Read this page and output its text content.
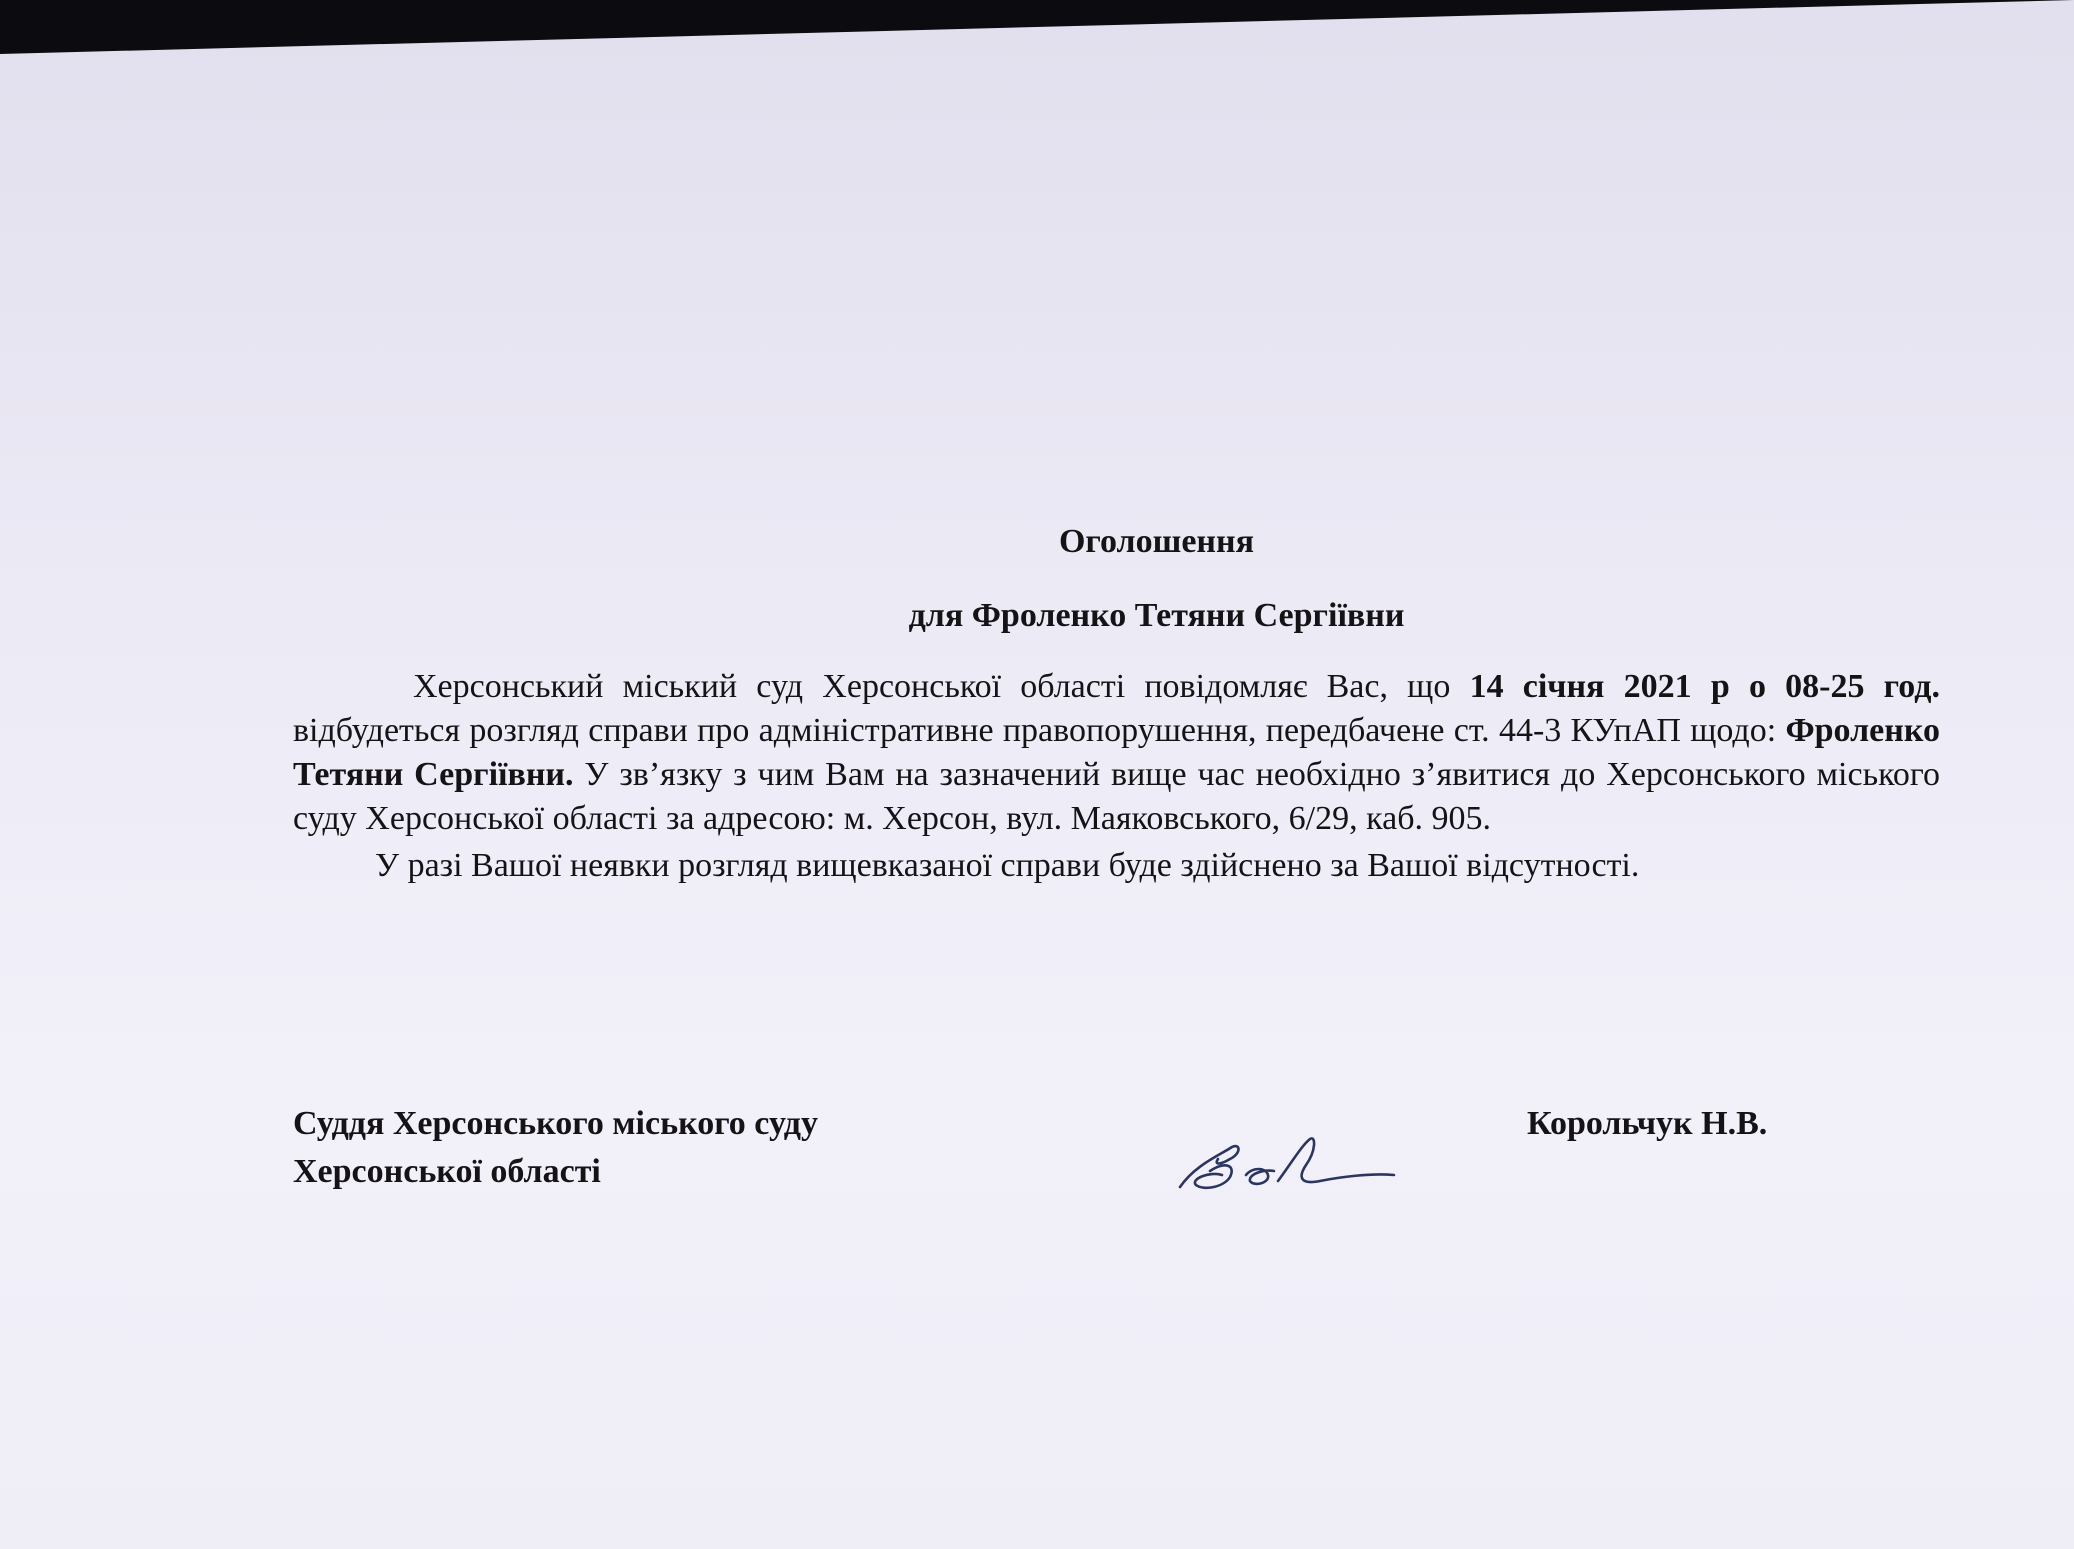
Оголошення
для Фроленко Тетяни Сергіївни

Херсонський міський суд Херсонської області повідомляє Вас, що 14 січня 2021 р о 08-25 год. відбудеться розгляд справи про адміністративне правопорушення, передбачене ст. 44-3 КУпАП щодо: Фроленко Тетяни Сергіївни. У зв’язку з чим Вам на зазначений вище час необхідно з’явитися до Херсонського міського суду Херсонської області за адресою: м. Херсон, вул. Маяковського, 6/29, каб. 905.

У разі Вашої неявки розгляд вищевказаної справи буде здійснено за Вашої відсутності.

Суддя Херсонського міського суду
Херсонської області
Корольчук Н.В.
